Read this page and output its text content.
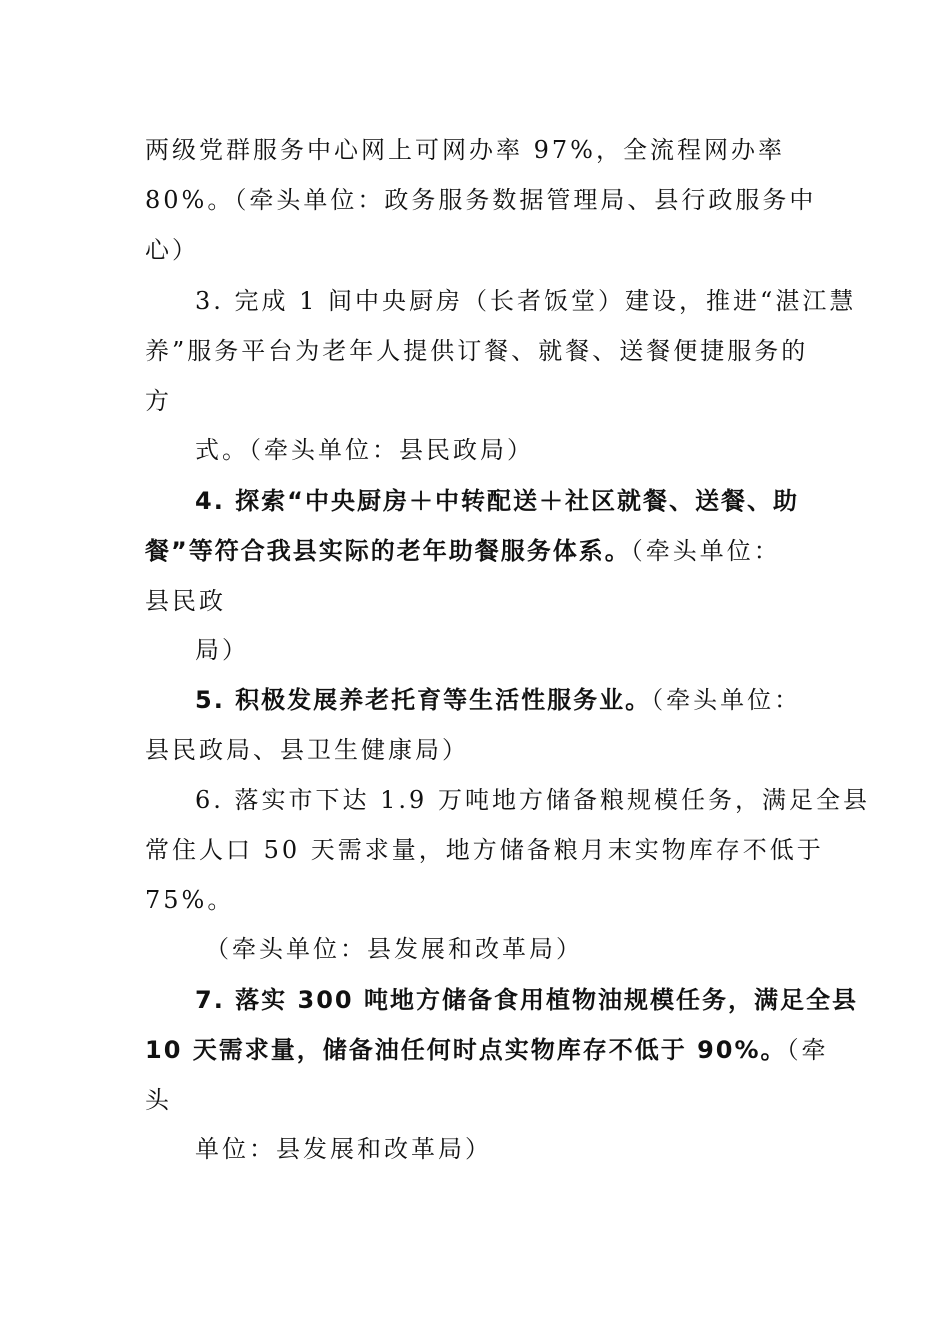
两级党群服务中心网上可网办率 97%，全流程网办率
80%。（牵头单位：政务服务数据管理局、县行政服务中
心）
3. 完成 1 间中央厨房（长者饭堂）建设，推进“湛江慧
养”服务平台为老年人提供订餐、就餐、送餐便捷服务的
方
式。（牵头单位：县民政局）
4. 探索“中央厨房＋中转配送＋社区就餐、送餐、助
餐”等符合我县实际的老年助餐服务体系。（牵头单位：
县民政
局）
5. 积极发展养老托育等生活性服务业。（牵头单位：
县民政局、县卫生健康局）
6. 落实市下达 1.9 万吨地方储备粮规模任务，满足全县
常住人口 50 天需求量，地方储备粮月末实物库存不低于
75%。
（牵头单位：县发展和改革局）
7. 落实 300 吨地方储备食用植物油规模任务，满足全县
10 天需求量，储备油任何时点实物库存不低于 90%。（牵
头
单位：县发展和改革局）
